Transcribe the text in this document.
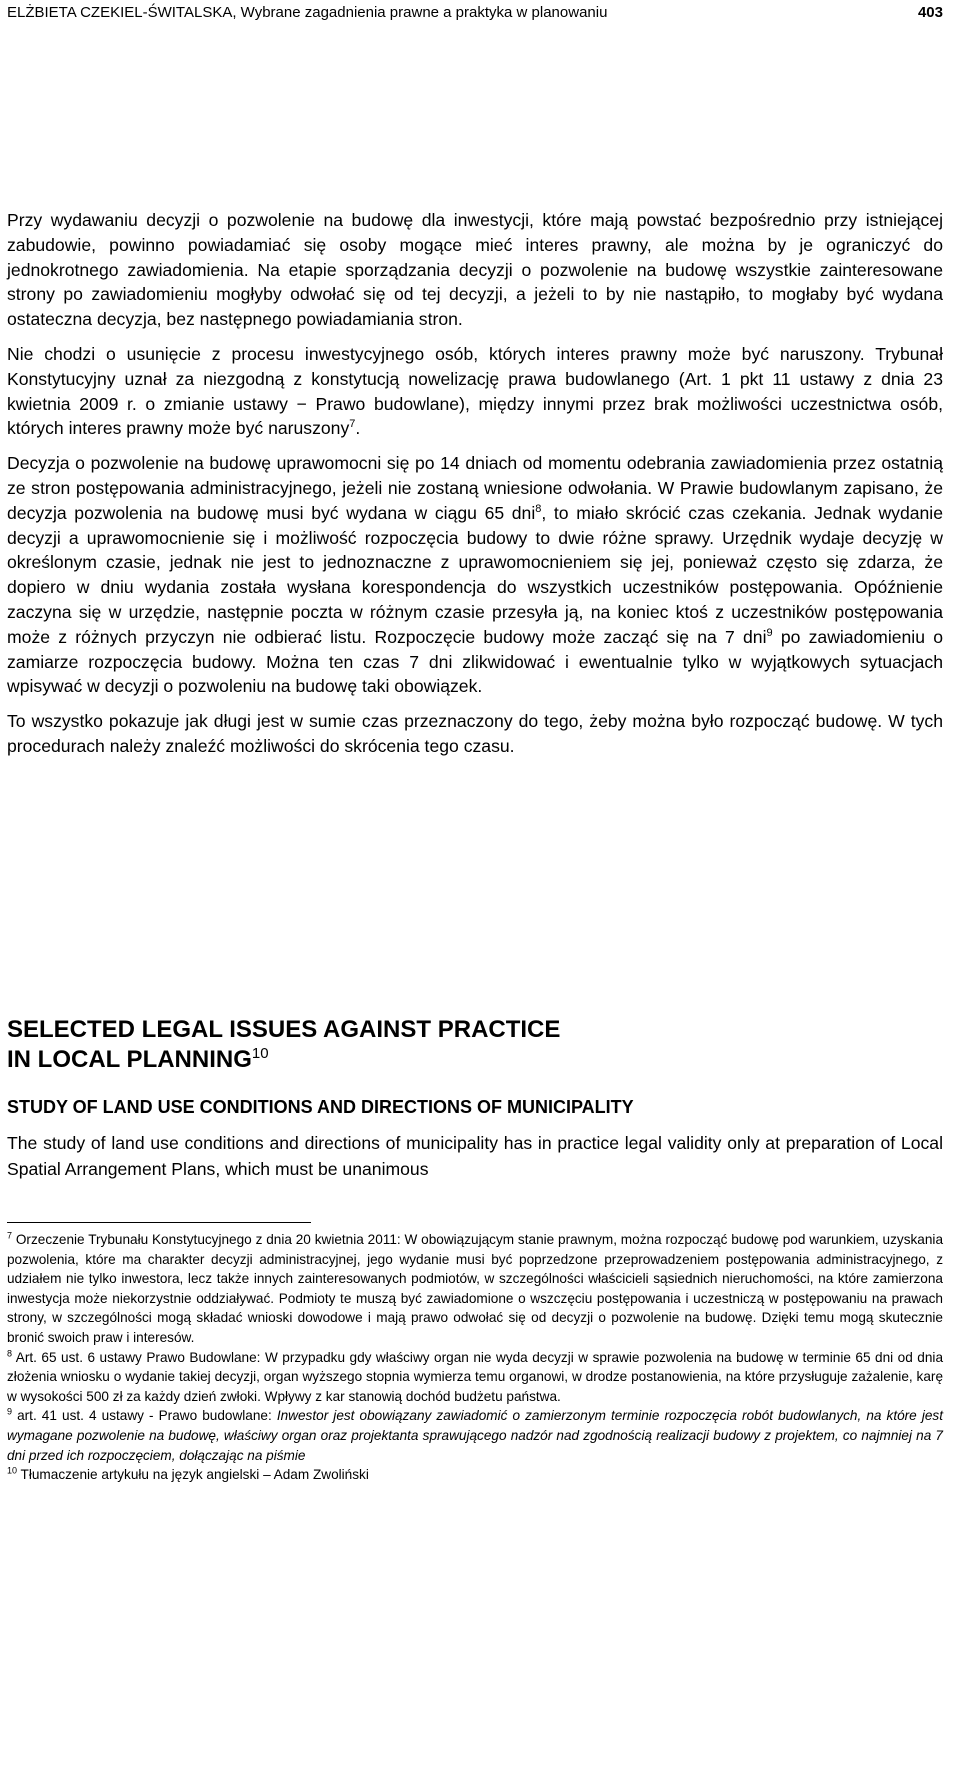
ELŻBIETA CZEKIEL-ŚWITALSKA, Wybrane zagadnienia prawne a praktyka w planowaniu	403

Przy wydawaniu decyzji o pozwolenie na budowę dla inwestycji, które mają powstać bezpośrednio przy istniejącej zabudowie, powinno powiadamiać się osoby mogące mieć interes prawny, ale można by je ograniczyć do jednokrotnego zawiadomienia. Na etapie sporządzania decyzji o pozwolenie na budowę wszystkie zainteresowane strony po zawiadomieniu mogłyby odwołać się od tej decyzji, a jeżeli to by nie nastąpiło, to mogłaby być wydana ostateczna decyzja, bez następnego powiadamiania stron.

Nie chodzi o usunięcie z procesu inwestycyjnego osób, których interes prawny może być naruszony. Trybunał Konstytucyjny uznał za niezgodną z konstytucją nowelizację prawa budowlanego (Art. 1 pkt 11 ustawy z dnia 23 kwietnia 2009 r. o zmianie ustawy − Prawo budowlane), między innymi przez brak możliwości uczestnictwa osób, których interes prawny może być naruszony$^7$.

Decyzja o pozwolenie na budowę uprawomocni się po 14 dniach od momentu odebrania zawiadomienia przez ostatnią ze stron postępowania administracyjnego, jeżeli nie zostaną wniesione odwołania. W Prawie budowlanym zapisano, że decyzja pozwolenia na budowę musi być wydana w ciągu 65 dni$^8$, to miało skrócić czas czekania. Jednak wydanie decyzji a uprawomocnienie się i możliwość rozpoczęcia budowy to dwie różne sprawy. Urzędnik wydaje decyzję w określonym czasie, jednak nie jest to jednoznaczne z uprawomocnieniem się jej, ponieważ często się zdarza, że dopiero w dniu wydania została wysłana korespondencja do wszystkich uczestników postępowania. Opóźnienie zaczyna się w urzędzie, następnie poczta w różnym czasie przesyła ją, na koniec ktoś z uczestników postępowania może z różnych przyczyn nie odbierać listu. Rozpoczęcie budowy może zacząć się na 7 dni$^9$ po zawiadomieniu o zamiarze rozpoczęcia budowy. Można ten czas 7 dni zlikwidować i ewentualnie tylko w wyjątkowych sytuacjach wpisywać w decyzji o pozwoleniu na budowę taki obowiązek.

To wszystko pokazuje jak długi jest w sumie czas przeznaczony do tego, żeby można było rozpocząć budowę. W tych procedurach należy znaleźć możliwości do skrócenia tego czasu.

SELECTED LEGAL ISSUES AGAINST PRACTICE
IN LOCAL PLANNING$^{10}$
STUDY OF LAND USE CONDITIONS AND DIRECTIONS OF MUNICIPALITY

The study of land use conditions and directions of municipality has in practice legal validity only at preparation of Local Spatial Arrangement Plans, which must be unanimous

$^7$ Orzeczenie Trybunału Konstytucyjnego z dnia 20 kwietnia 2011: W obowiązującym stanie prawnym, można rozpocząć budowę pod warunkiem, uzyskania pozwolenia, które ma charakter decyzji administracyjnej, jego wydanie musi być poprzedzone przeprowadzeniem postępowania administracyjnego, z udziałem nie tylko inwestora, lecz także innych zainteresowanych podmiotów, w szczególności właścicieli sąsiednich nieruchomości, na które zamierzona inwestycja może niekorzystnie oddziaływać. Podmioty te muszą być zawiadomione o wszczęciu postępowania i uczestniczą w postępowaniu na prawach strony, w szczególności mogą składać wnioski dowodowe i mają prawo odwołać się od decyzji o pozwolenie na budowę. Dzięki temu mogą skutecznie bronić swoich praw i interesów.

$^8$ Art. 65 ust. 6 ustawy Prawo Budowlane: W przypadku gdy właściwy organ nie wyda decyzji w sprawie pozwolenia na budowę w terminie 65 dni od dnia złożenia wniosku o wydanie takiej decyzji, organ wyższego stopnia wymierza temu organowi, w drodze postanowienia, na które przysługuje zażalenie, karę w wysokości 500 zł za każdy dzień zwłoki. Wpływy z kar stanowią dochód budżetu państwa.

$^9$ art. 41 ust. 4 ustawy - Prawo budowlane: Inwestor jest obowiązany zawiadomić o zamierzonym terminie rozpoczęcia robót budowlanych, na które jest wymagane pozwolenie na budowę, właściwy organ oraz projektanta sprawującego nadzór nad zgodnością realizacji budowy z projektem, co najmniej na 7 dni przed ich rozpoczęciem, dołączając na piśmie

$^{10}$ Tłumaczenie artykułu na język angielski – Adam Zwoliński
